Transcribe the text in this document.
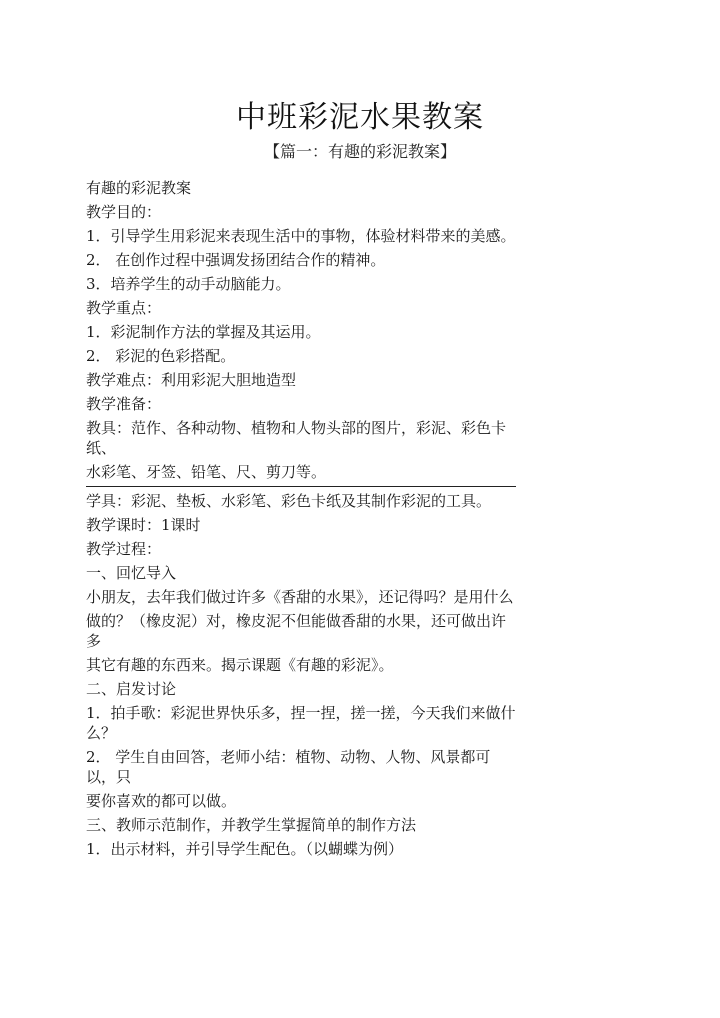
中班彩泥水果教案
【篇一：有趣的彩泥教案】
有趣的彩泥教案
教学目的：
1．引导学生用彩泥来表现生活中的事物，体验材料带来的美感。
2． 在创作过程中强调发扬团结合作的精神。
3．培养学生的动手动脑能力。
教学重点：
1．彩泥制作方法的掌握及其运用。
2． 彩泥的色彩搭配。
教学难点：利用彩泥大胆地造型
教学准备：
教具：范作、各种动物、植物和人物头部的图片，彩泥、彩色卡纸、
水彩笔、牙签、铅笔、尺、剪刀等。
学具：彩泥、垫板、水彩笔、彩色卡纸及其制作彩泥的工具。
教学课时：1课时
教学过程：
一、回忆导入
小朋友，去年我们做过许多《香甜的水果》，还记得吗？是用什么
做的？（橡皮泥）对，橡皮泥不但能做香甜的水果，还可做出许多
其它有趣的东西来。揭示课题《有趣的彩泥》。
二、启发讨论
1．拍手歌：彩泥世界快乐多，捏一捏，搓一搓，今天我们来做什么？
2． 学生自由回答，老师小结：植物、动物、人物、风景都可以，只
要你喜欢的都可以做。
三、教师示范制作，并教学生掌握简单的制作方法
1．出示材料，并引导学生配色。（以蝴蝶为例）
